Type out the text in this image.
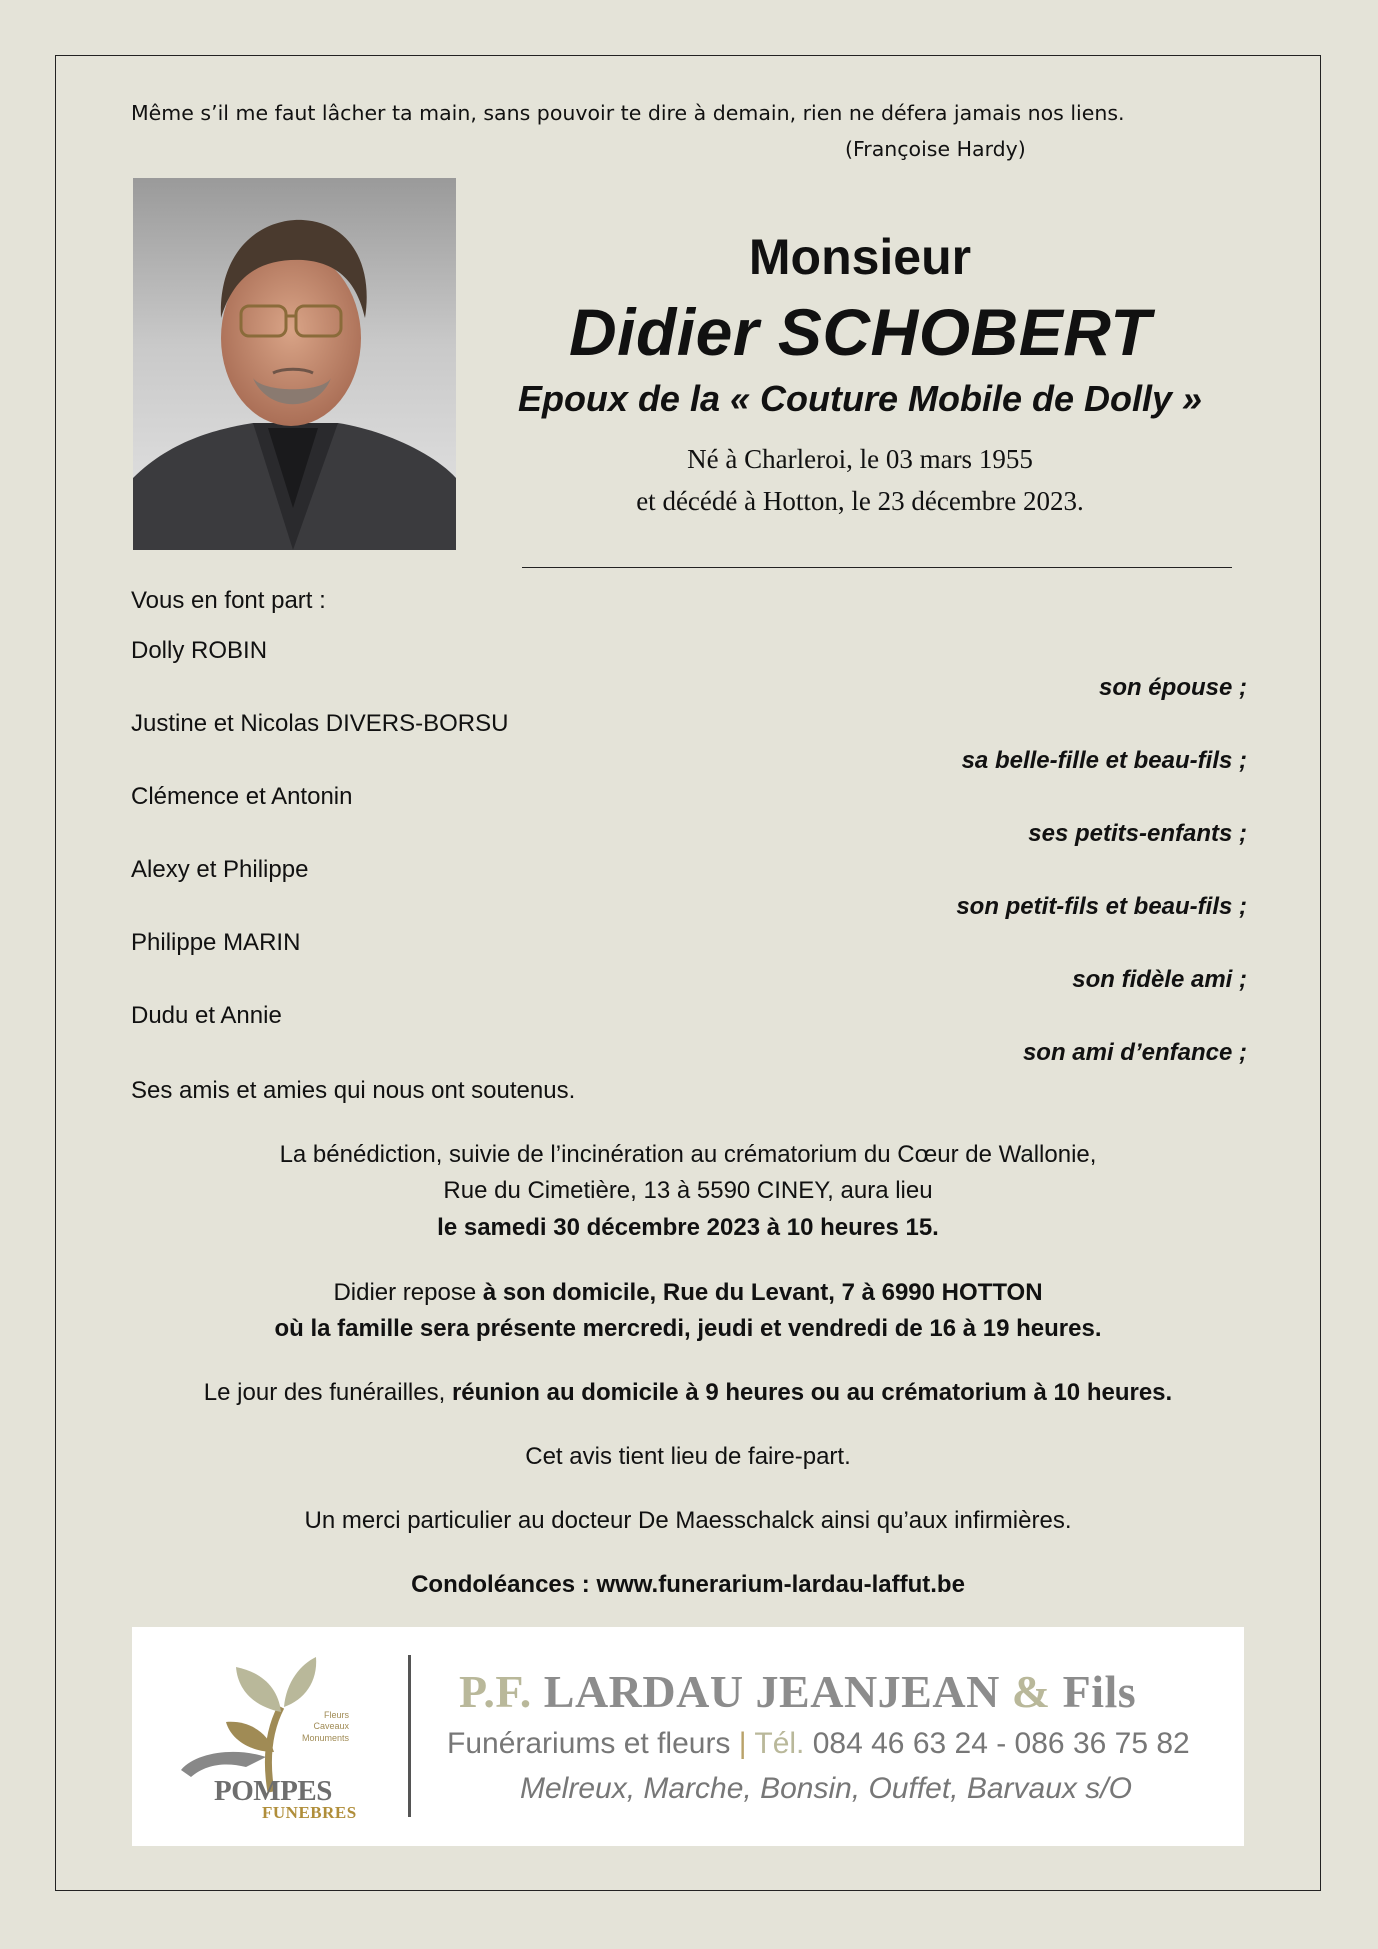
Même s’il me faut lâcher ta main, sans pouvoir te dire à demain, rien ne défera jamais nos liens.
(Françoise Hardy)
Monsieur
Didier SCHOBERT
Epoux de la « Couture Mobile de Dolly »
Né à Charleroi, le 03 mars 1955
et décédé à Hotton, le 23 décembre 2023.
Vous en font part :
Dolly ROBIN
son épouse ;
Justine et Nicolas DIVERS-BORSU
sa belle-fille et beau-fils ;
Clémence et Antonin
ses petits-enfants ;
Alexy et Philippe
son petit-fils et beau-fils ;
Philippe MARIN
son fidèle ami ;
Dudu et Annie
son ami d’enfance ;
Ses amis et amies qui nous ont soutenus.
La bénédiction, suivie de l’incinération au crématorium du Cœur de Wallonie,
Rue du Cimetière, 13 à 5590 CINEY, aura lieu
le samedi 30 décembre 2023 à 10 heures 15.
Didier repose à son domicile, Rue du Levant, 7 à 6990 HOTTON
où la famille sera présente mercredi, jeudi et vendredi de 16 à 19 heures.
Le jour des funérailles, réunion au domicile à 9 heures ou au crématorium à 10 heures.
Cet avis tient lieu de faire-part.
Un merci particulier au docteur De Maesschalck ainsi qu’aux infirmières.
Condoléances : www.funerarium-lardau-laffut.be
Fleurs
Caveaux
Monuments
POMPES
FUNEBRES
P.F. LARDAU JEANJEAN & Fils
Funérariums et fleurs | Tél. 084 46 63 24 - 086 36 75 82
Melreux, Marche, Bonsin, Ouffet, Barvaux s/O
